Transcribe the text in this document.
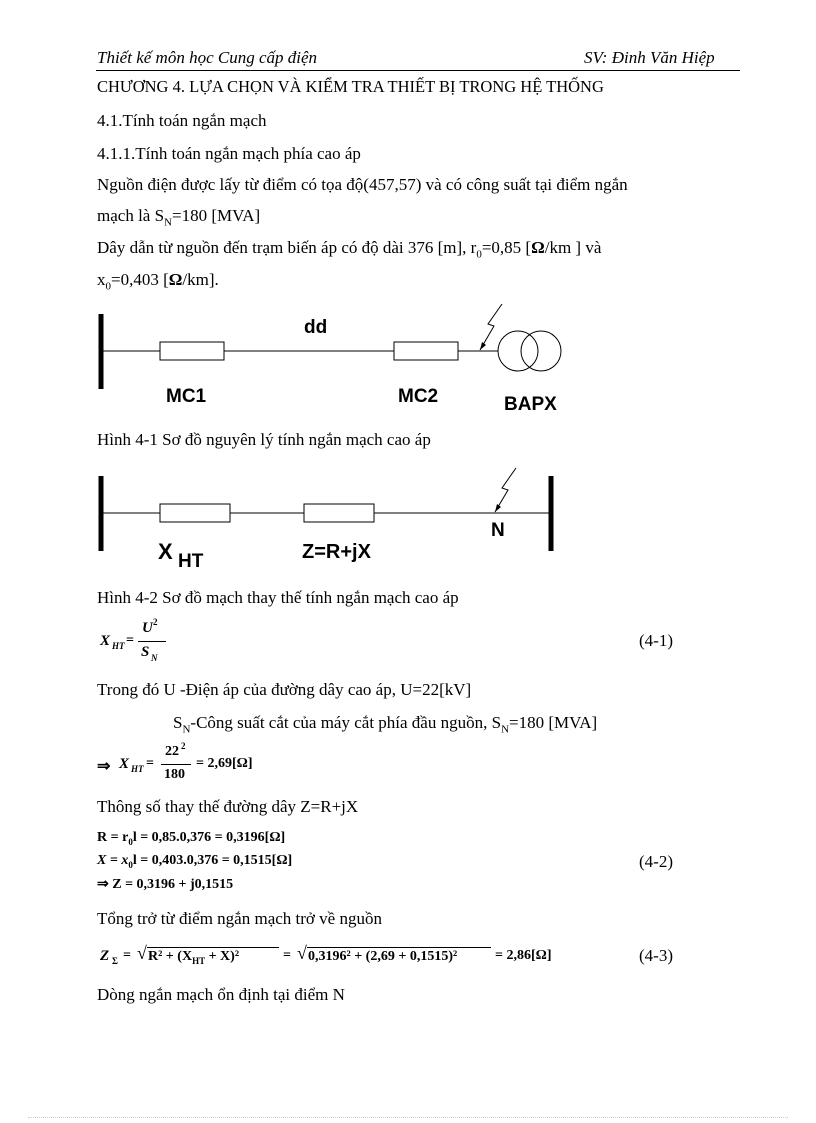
Thiết kế môn học Cung cấp điện	SV: Đinh Văn Hiệp
CHƯƠNG 4. LỰA CHỌN VÀ KIỂM TRA THIẾT BỊ TRONG HỆ THỐNG
4.1.Tính toán ngắn mạch
4.1.1.Tính toán ngắn mạch phía cao áp
Nguồn điện được lấy từ điểm có tọa độ(457,57) và có công suất tại điểm ngắn
mạch là $S_N=180$ [MVA]
Dây dẫn từ nguồn đến trạm biến áp có độ dài 376 [m], $r_0=0,85$ [Ω/km ] và
$x_0=0,403$ [Ω/km].
dd
MC1	MC2	BAPX
Hình 4-1 Sơ đồ nguyên lý tính ngắn mạch cao áp
N
Z=R+jX
X HT
Hình 4-2 Sơ đồ mạch thay thế tính ngắn mạch cao áp
X HT =
U 2
S N
(4-1)
Trong đó U -Điện áp của đường dây cao áp, U=22[kV]
$S_N$-Công suất cắt của máy cắt phía đầu nguồn, $S_N=180$ [MVA]
⇒ X HT =
22 2
180
= 2,69[Ω]
Thông số thay thế đường dây Z=R+jX
$R = r_0l = 0,85.0,376 = 0,3196[\Omega]$
$X = x_0l = 0,403.0,376 = 0,1515[\Omega]$
⇒ Z = 0,3196 + j0,1515
(4-2)
Tổng trở từ điểm ngắn mạch trở về nguồn
Z Σ = √ $R^2 + (X_{HT} + X)^2$	= √ 0,3196² + (2,69 + 0,1515)²	= 2,86[Ω]	(4-3)
Dòng ngắn mạch ổn định tại điểm N
